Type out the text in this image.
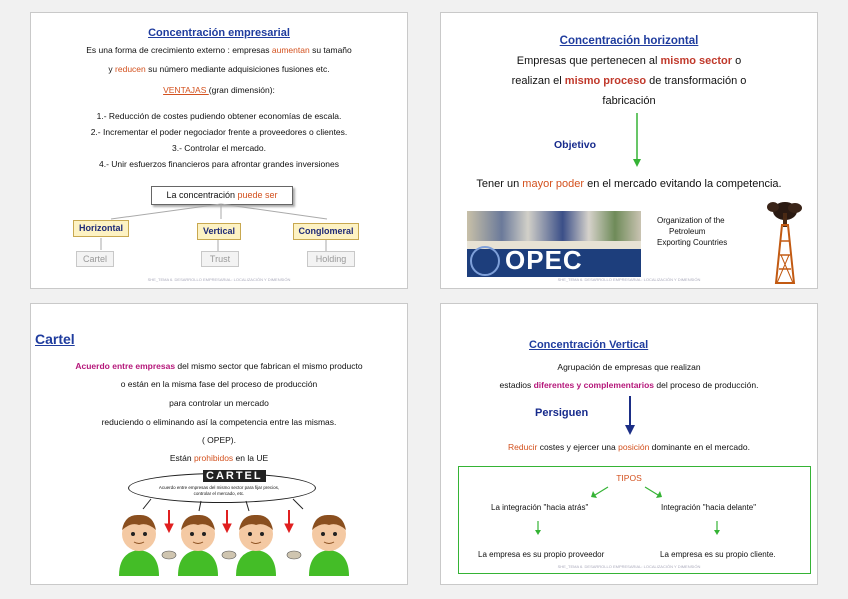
Concentración empresarial
Es una forma de crecimiento externo : empresas aumentan su tamaño
y reducen su número mediante adquisiciones fusiones etc.
VENTAJAS (gran dimensión):
1.- Reducción de costes pudiendo obtener economías de escala.
2.- Incrementar el poder negociador frente a proveedores o clientes.
3.- Controlar el mercado.
4.- Unir esfuerzos financieros para afrontar grandes inversiones
La concentración puede ser
Horizontal	Vertical	Conglomeral
Cartel	Trust	Holding
SHE_TEMA 6. DESARROLLO EMPRESARIAL: LOCALIZACIÓN Y DIMENSIÓN
Concentración horizontal
Empresas que pertenecen al mismo sector o
realizan el mismo proceso de transformación o
fabricación
Objetivo
Tener un mayor poder en el mercado evitando la competencia.
OPEC
Organization of the
Petroleum
Exporting Countries
SHE_TEMA 6. DESARROLLO EMPRESARIAL: LOCALIZACIÓN Y DIMENSIÓN
Cartel
Acuerdo entre empresas del mismo sector que fabrican el mismo producto
o están en la misma fase del proceso de producción
para controlar un mercado
reduciendo o eliminando así la competencia entre las mismas.
( OPEP).
Están prohibidos en la UE
CARTEL
Acuerdo entre empresas del mismo sector para fijar precios,
controlar el mercado, etc.
Concentración Vertical
Agrupación de empresas que realizan
estadios diferentes y complementarios del proceso de producción.
Persiguen
Reducir costes y ejercer una posición dominante en el mercado.
TIPOS
La integración "hacia atrás"	Integración "hacia delante"
La empresa es su propio proveedor	La empresa es su propio cliente.
SHE_TEMA 6. DESARROLLO EMPRESARIAL: LOCALIZACIÓN Y DIMENSIÓN
